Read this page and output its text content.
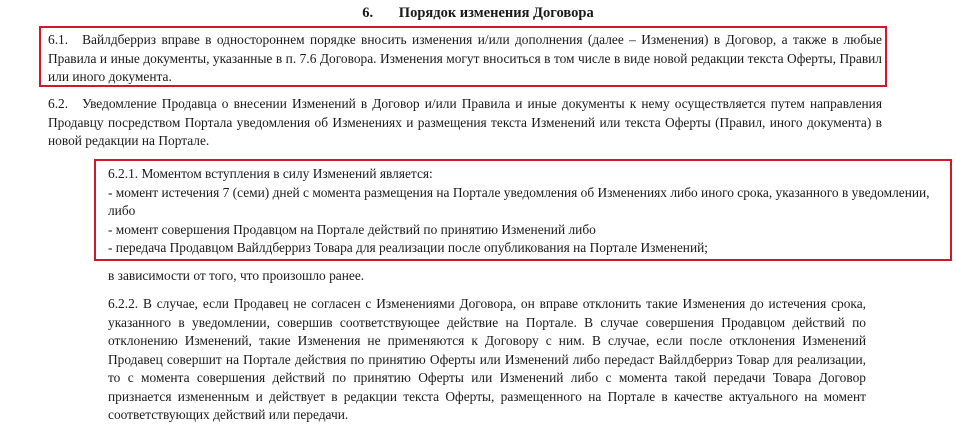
6. Порядок изменения Договора

6.1. Вайлдберриз вправе в одностороннем порядке вносить изменения и/или дополнения (далее – Изменения) в Договор, а также в любые Правила и иные документы, указанные в п. 7.6 Договора. Изменения могут вноситься в том числе в виде новой редакции текста Оферты, Правил или иного документа.

6.2. Уведомление Продавца о внесении Изменений в Договор и/или Правила и иные документы к нему осуществляется путем направления Продавцу посредством Портала уведомления об Изменениях и размещения текста Изменений или текста Оферты (Правил, иного документа) в новой редакции на Портале.

6.2.1. Моментом вступления в силу Изменений является:
- момент истечения 7 (семи) дней с момента размещения на Портале уведомления об Изменениях либо иного срока, указанного в уведомлении, либо
- момент совершения Продавцом на Портале действий по принятию Изменений либо
- передача Продавцом Вайлдберриз Товара для реализации после опубликования на Портале Изменений;

в зависимости от того, что произошло ранее.

6.2.2. В случае, если Продавец не согласен с Изменениями Договора, он вправе отклонить такие Изменения до истечения срока, указанного в уведомлении, совершив соответствующее действие на Портале. В случае совершения Продавцом действий по отклонению Изменений, такие Изменения не применяются к Договору с ним. В случае, если после отклонения Изменений Продавец совершит на Портале действия по принятию Оферты или Изменений либо передаст Вайлдберриз Товар для реализации, то с момента совершения действий по принятию Оферты или Изменений либо с момента такой передачи Товара Договор признается измененным и действует в редакции текста Оферты, размещенного на Портале в качестве актуального на момент соответствующих действий или передачи.
